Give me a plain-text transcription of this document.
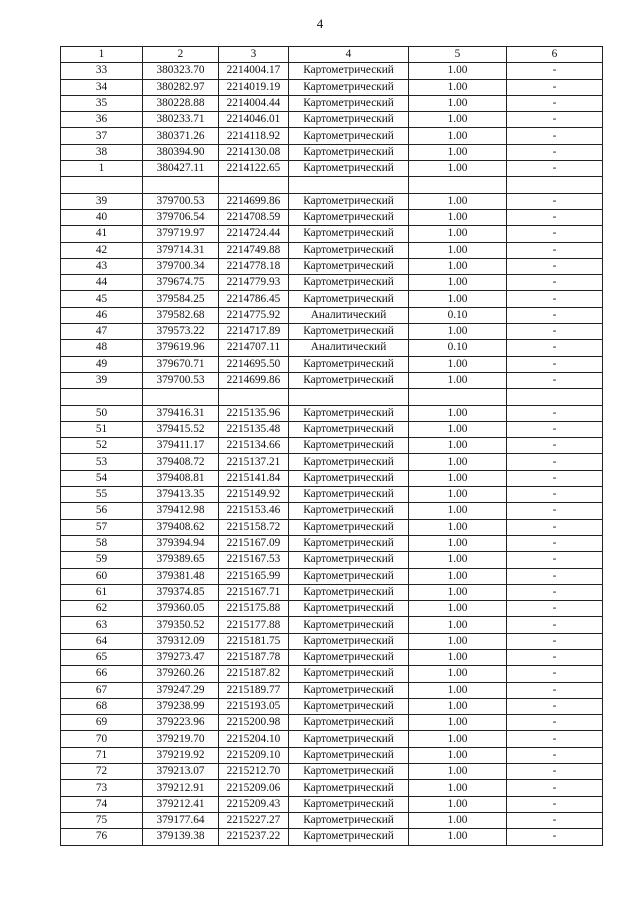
4
1	2	3	4	5	6
33	380323.70	2214004.17	Картометрический	1.00	-
34	380282.97	2214019.19	Картометрический	1.00	-
35	380228.88	2214004.44	Картометрический	1.00	-
36	380233.71	2214046.01	Картометрический	1.00	-
37	380371.26	2214118.92	Картометрический	1.00	-
38	380394.90	2214130.08	Картометрический	1.00	-
1	380427.11	2214122.65	Картометрический	1.00	-

39	379700.53	2214699.86	Картометрический	1.00	-
40	379706.54	2214708.59	Картометрический	1.00	-
41	379719.97	2214724.44	Картометрический	1.00	-
42	379714.31	2214749.88	Картометрический	1.00	-
43	379700.34	2214778.18	Картометрический	1.00	-
44	379674.75	2214779.93	Картометрический	1.00	-
45	379584.25	2214786.45	Картометрический	1.00	-
46	379582.68	2214775.92	Аналитический	0.10	-
47	379573.22	2214717.89	Картометрический	1.00	-
48	379619.96	2214707.11	Аналитический	0.10	-
49	379670.71	2214695.50	Картометрический	1.00	-
39	379700.53	2214699.86	Картометрический	1.00	-

50	379416.31	2215135.96	Картометрический	1.00	-
51	379415.52	2215135.48	Картометрический	1.00	-
52	379411.17	2215134.66	Картометрический	1.00	-
53	379408.72	2215137.21	Картометрический	1.00	-
54	379408.81	2215141.84	Картометрический	1.00	-
55	379413.35	2215149.92	Картометрический	1.00	-
56	379412.98	2215153.46	Картометрический	1.00	-
57	379408.62	2215158.72	Картометрический	1.00	-
58	379394.94	2215167.09	Картометрический	1.00	-
59	379389.65	2215167.53	Картометрический	1.00	-
60	379381.48	2215165.99	Картометрический	1.00	-
61	379374.85	2215167.71	Картометрический	1.00	-
62	379360.05	2215175.88	Картометрический	1.00	-
63	379350.52	2215177.88	Картометрический	1.00	-
64	379312.09	2215181.75	Картометрический	1.00	-
65	379273.47	2215187.78	Картометрический	1.00	-
66	379260.26	2215187.82	Картометрический	1.00	-
67	379247.29	2215189.77	Картометрический	1.00	-
68	379238.99	2215193.05	Картометрический	1.00	-
69	379223.96	2215200.98	Картометрический	1.00	-
70	379219.70	2215204.10	Картометрический	1.00	-
71	379219.92	2215209.10	Картометрический	1.00	-
72	379213.07	2215212.70	Картометрический	1.00	-
73	379212.91	2215209.06	Картометрический	1.00	-
74	379212.41	2215209.43	Картометрический	1.00	-
75	379177.64	2215227.27	Картометрический	1.00	-
76	379139.38	2215237.22	Картометрический	1.00	-
